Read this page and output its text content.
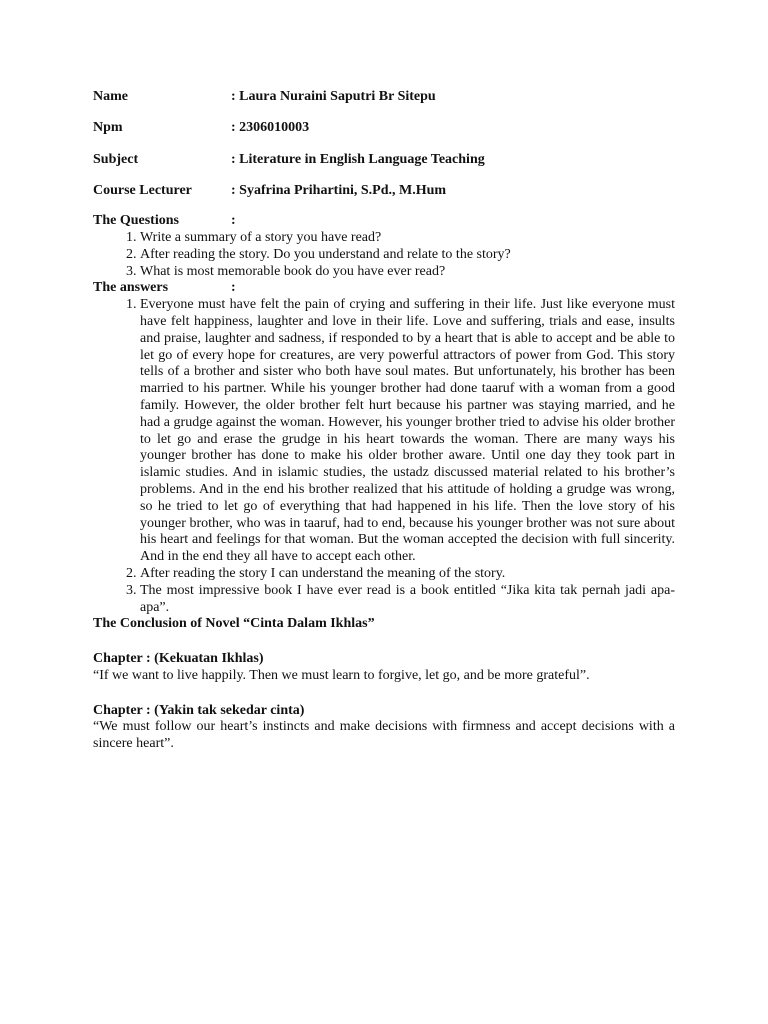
Name	: Laura Nuraini Saputri Br Sitepu
Npm	: 2306010003
Subject	: Literature in English Language Teaching
Course Lecturer	: Syafrina Prihartini, S.Pd., M.Hum
The Questions	:
1. Write a summary of a story you have read?
2. After reading the story. Do you understand and relate to the story?
3. What is most memorable book do you have ever read?
The answers	:
1. Everyone must have felt the pain of crying and suffering in their life. Just like everyone must have felt happiness, laughter and love in their life. Love and suffering, trials and ease, insults and praise, laughter and sadness, if responded to by a heart that is able to accept and be able to let go of every hope for creatures, are very powerful attractors of power from God. This story tells of a brother and sister who both have soul mates. But unfortunately, his brother has been married to his partner. While his younger brother had done taaruf with a woman from a good family. However, the older brother felt hurt because his partner was staying married, and he had a grudge against the woman. However, his younger brother tried to advise his older brother to let go and erase the grudge in his heart towards the woman. There are many ways his younger brother has done to make his older brother aware. Until one day they took part in islamic studies. And in islamic studies, the ustadz discussed material related to his brother’s problems. And in the end his brother realized that his attitude of holding a grudge was wrong, so he tried to let go of everything that had happened in his life. Then the love story of his younger brother, who was in taaruf, had to end, because his younger brother was not sure about his heart and feelings for that woman. But the woman accepted the decision with full sincerity. And in the end they all have to accept each other.
2. After reading the story I can understand the meaning of the story.
3. The most impressive book I have ever read is a book entitled “Jika kita tak pernah jadi apa-apa”.
The Conclusion of Novel “Cinta Dalam Ikhlas”
Chapter : (Kekuatan Ikhlas)
“If we want to live happily. Then we must learn to forgive, let go, and be more grateful”.
Chapter : (Yakin tak sekedar cinta)
“We must follow our heart’s instincts and make decisions with firmness and accept decisions with a sincere heart”.
